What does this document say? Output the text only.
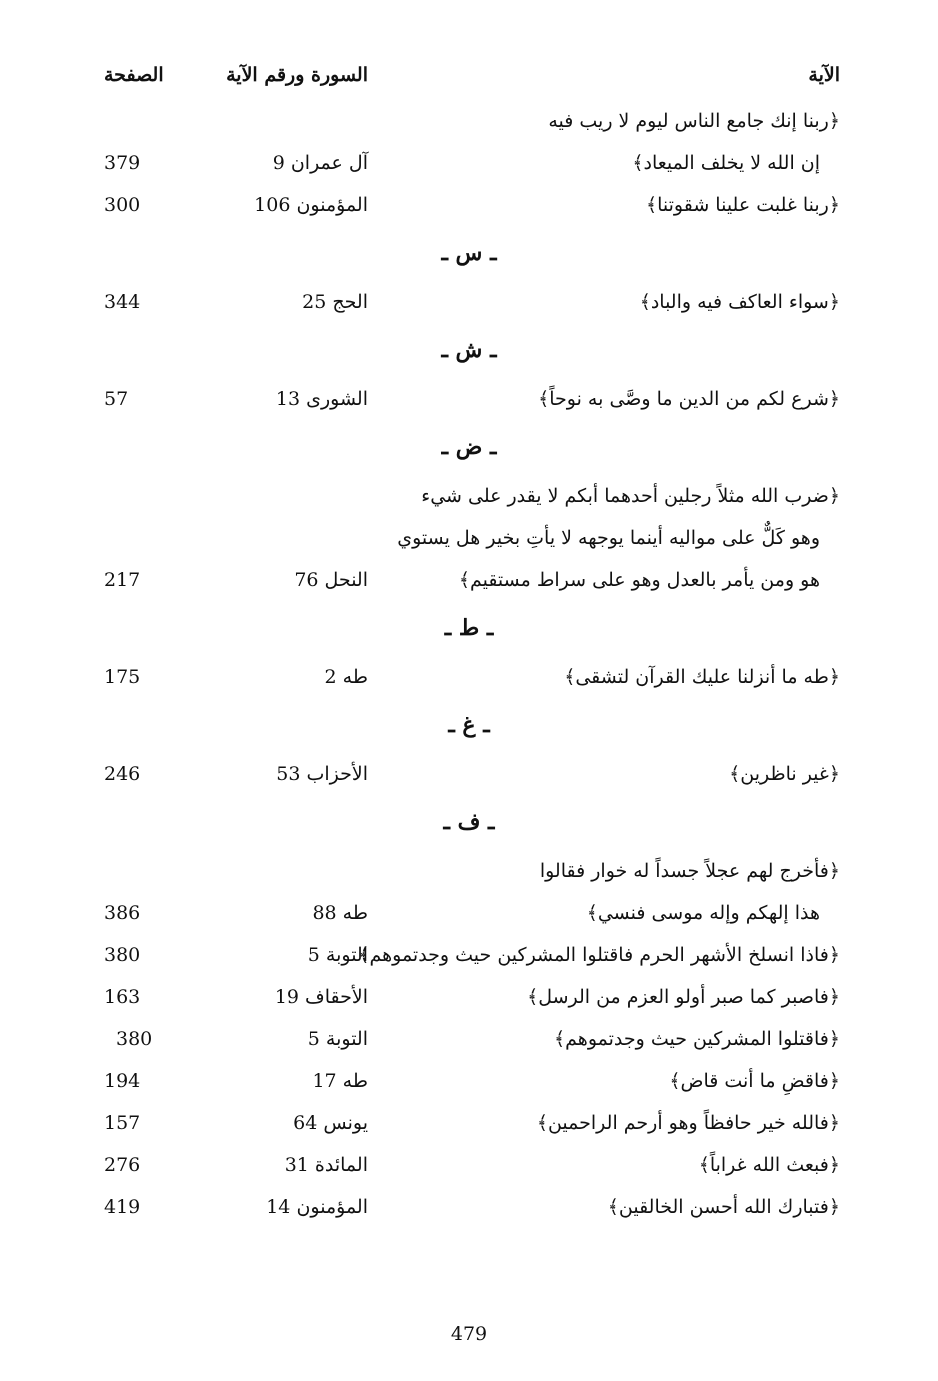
الآية
السورة ورقم الآية
الصفحة
﴿ربنا إنك جامع الناس ليوم لا ريب فيه
إن الله لا يخلف الميعاد﴾
آل عمران 9
379
﴿ربنا غلبت علينا شقوتنا﴾
المؤمنون 106
300
ـ س ـ
﴿سواء العاكف فيه والباد﴾
الحج 25
344
ـ ش ـ
﴿شرع لكم من الدين ما وصَّى به نوحاً﴾
الشورى 13
57
ـ ض ـ
﴿ضرب الله مثلاً رجلين أحدهما أبكم لا يقدر على شيء
وهو كَلٌّ على مواليه أينما يوجهه لا يأتِ بخير هل يستوي
هو ومن يأمر بالعدل وهو على سراط مستقيم﴾
النحل 76
217
ـ ط ـ
﴿طه ما أنزلنا عليك القرآن لتشقى﴾
طه 2
175
ـ غ ـ
﴿غير ناظرين﴾
الأحزاب 53
246
ـ ف ـ
﴿فأخرج لهم عجلاً جسداً له خوار فقالوا
هذا إلهكم وإله موسى فنسي﴾
طه 88
386
﴿فاذا انسلخ الأشهر الحرم فاقتلوا المشركين حيث وجدتموهم﴾
التوبة 5
380
﴿فاصبر كما صبر أولو العزم من الرسل﴾
الأحقاف 19
163
﴿فاقتلوا المشركين حيث وجدتموهم﴾
التوبة 5
380
﴿فاقضِ ما أنت قاض﴾
طه 17
194
﴿فالله خير حافظاً وهو أرحم الراحمين﴾
يونس 64
157
﴿فبعث الله غراباً﴾
المائدة 31
276
﴿فتبارك الله أحسن الخالقين﴾
المؤمنون 14
419
479
